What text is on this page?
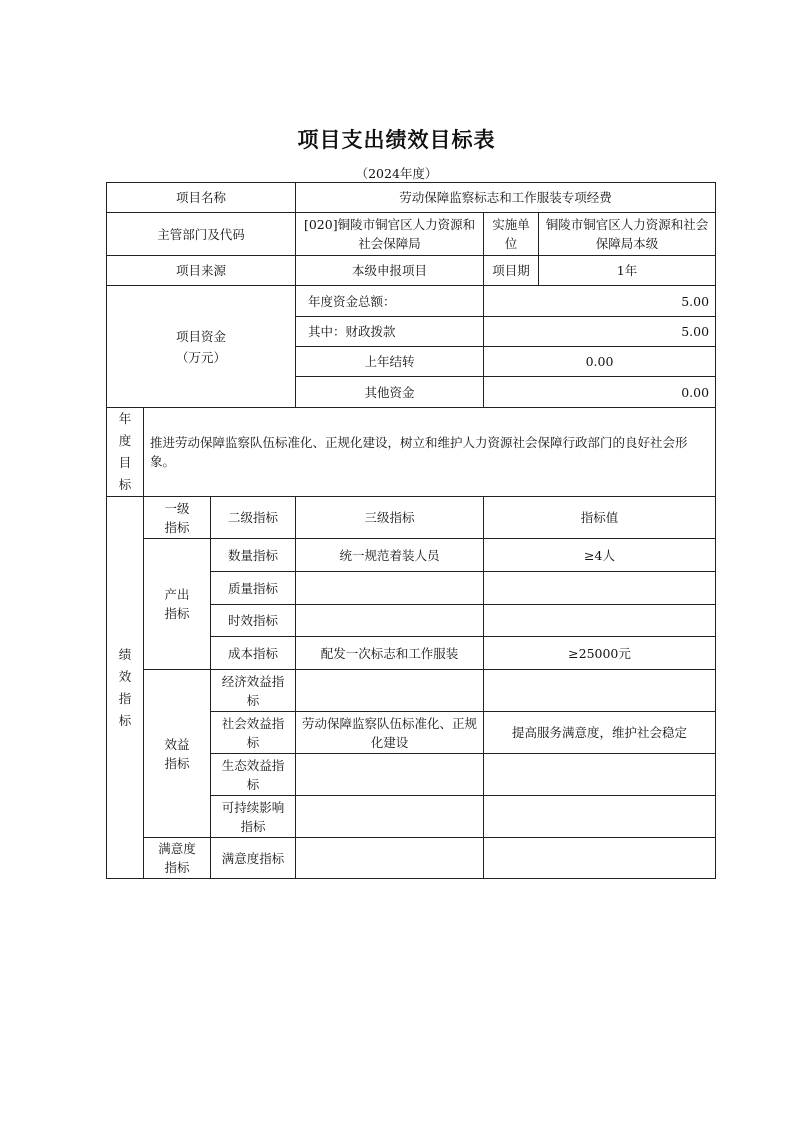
项目支出绩效目标表
（2024年度）
项目名称			劳动保障监察标志和工作服装专项经费		
主管部门及代码			[020]铜陵市铜官区人力资源和社会保障局	实施单位	铜陵市铜官区人力资源和社会保障局本级
项目来源			本级申报项目	项目期	1年

项目资金（万元）			年度资金总额：	5.00	
			其中：财政拨款	5.00	
			上年结转	0.00	
			其他资金	0.00	

年度目标	推进劳动保障监察队伍标准化、正规化建设，树立和维护人力资源社会保障行政部门的良好社会形象。				

绩效指标	一级指标	二级指标	三级指标	指标值	

	产出指标	数量指标	统一规范着装人员	≥4人	
		质量指标			
		时效指标			
		成本指标	配发一次标志和工作服装	≥25000元	

	效益指标	经济效益指标			

		社会效益指标	劳动保障监察队伍标准化、正规化建设	提高服务满意度，维护社会稳定	

		生态效益指标			

		可持续影响指标			

	满意度指标	满意度指标			
